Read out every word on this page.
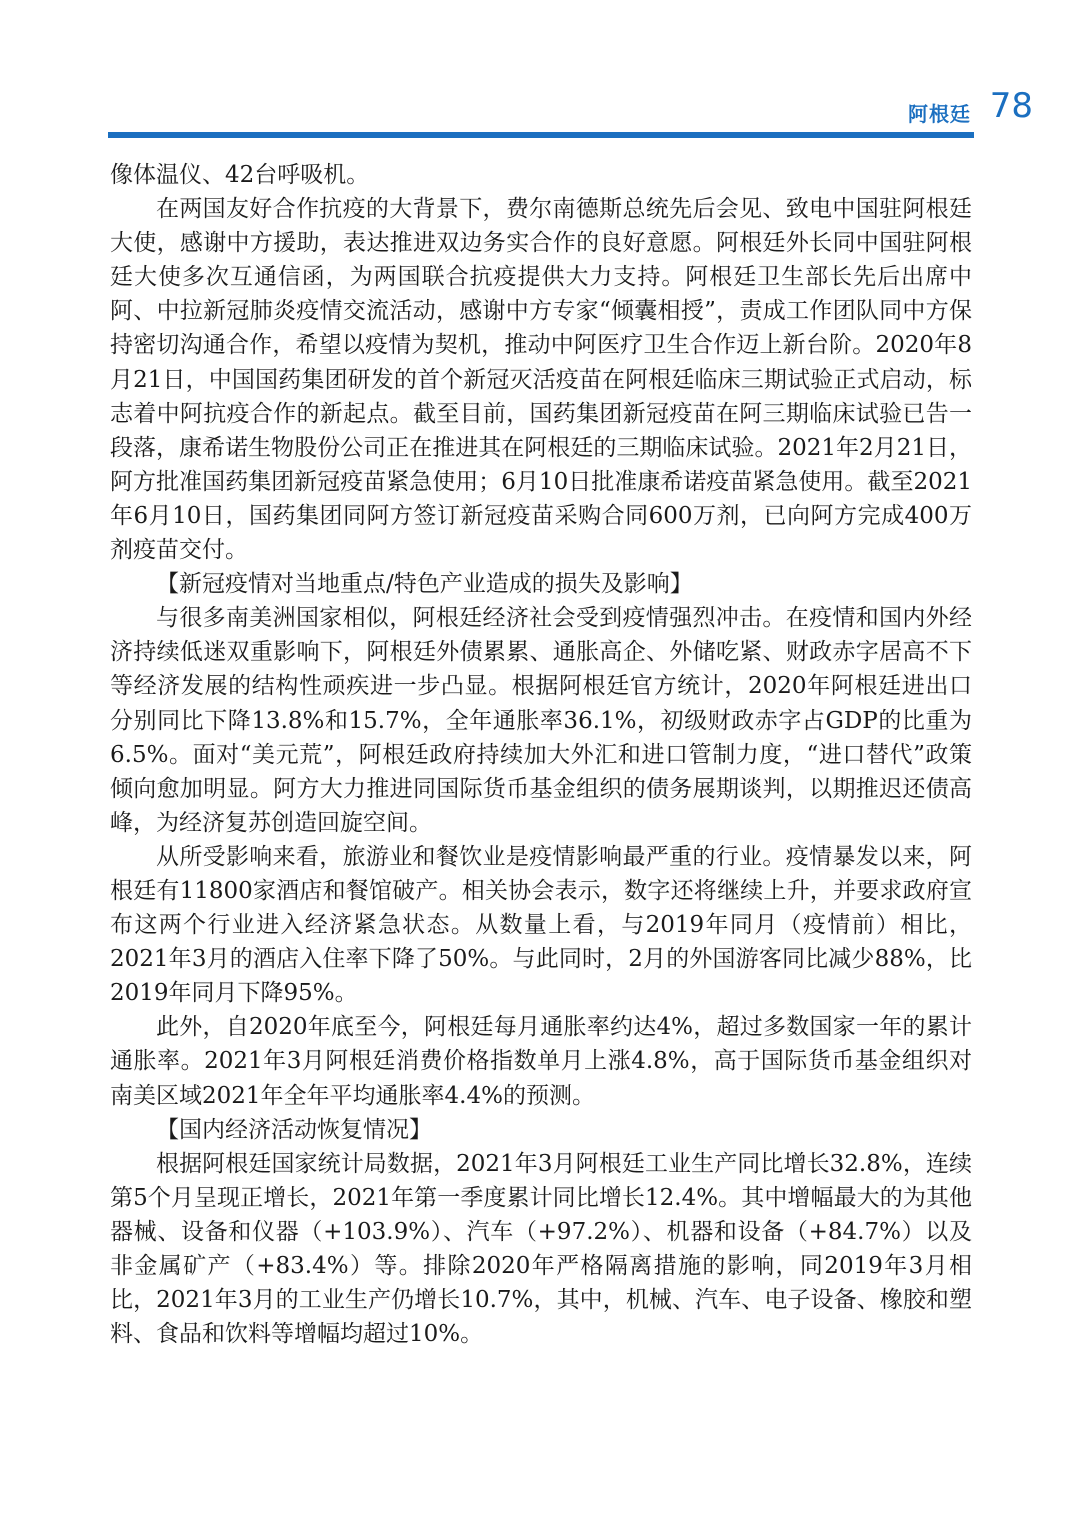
阿根廷 78

像体温仪、42台呼吸机。

在两国友好合作抗疫的大背景下，费尔南德斯总统先后会见、致电中国驻阿根廷大使，感谢中方援助，表达推进双边务实合作的良好意愿。阿根廷外长同中国驻阿根廷大使多次互通信函，为两国联合抗疫提供大力支持。阿根廷卫生部长先后出席中阿、中拉新冠肺炎疫情交流活动，感谢中方专家“倾囊相授”，责成工作团队同中方保持密切沟通合作，希望以疫情为契机，推动中阿医疗卫生合作迈上新台阶。2020年8月21日，中国国药集团研发的首个新冠灭活疫苗在阿根廷临床三期试验正式启动，标志着中阿抗疫合作的新起点。截至目前，国药集团新冠疫苗在阿三期临床试验已告一段落，康希诺生物股份公司正在推进其在阿根廷的三期临床试验。2021年2月21日，阿方批准国药集团新冠疫苗紧急使用；6月10日批准康希诺疫苗紧急使用。截至2021年6月10日，国药集团同阿方签订新冠疫苗采购合同600万剂，已向阿方完成400万剂疫苗交付。

【新冠疫情对当地重点/特色产业造成的损失及影响】

与很多南美洲国家相似，阿根廷经济社会受到疫情强烈冲击。在疫情和国内外经济持续低迷双重影响下，阿根廷外债累累、通胀高企、外储吃紧、财政赤字居高不下等经济发展的结构性顽疾进一步凸显。根据阿根廷官方统计，2020年阿根廷进出口分别同比下降13.8%和15.7%，全年通胀率36.1%，初级财政赤字占GDP的比重为6.5%。面对“美元荒”，阿根廷政府持续加大外汇和进口管制力度，“进口替代”政策倾向愈加明显。阿方大力推进同国际货币基金组织的债务展期谈判，以期推迟还债高峰，为经济复苏创造回旋空间。

从所受影响来看，旅游业和餐饮业是疫情影响最严重的行业。疫情暴发以来，阿根廷有11800家酒店和餐馆破产。相关协会表示，数字还将继续上升，并要求政府宣布这两个行业进入经济紧急状态。从数量上看，与2019年同月（疫情前）相比，2021年3月的酒店入住率下降了50%。与此同时，2月的外国游客同比减少88%，比2019年同月下降95%。

此外，自2020年底至今，阿根廷每月通胀率约达4%，超过多数国家一年的累计通胀率。2021年3月阿根廷消费价格指数单月上涨4.8%，高于国际货币基金组织对南美区域2021年全年平均通胀率4.4%的预测。

【国内经济活动恢复情况】

根据阿根廷国家统计局数据，2021年3月阿根廷工业生产同比增长32.8%，连续第5个月呈现正增长，2021年第一季度累计同比增长12.4%。其中增幅最大的为其他器械、设备和仪器（+103.9%）、汽车（+97.2%）、机器和设备（+84.7%）以及非金属矿产（+83.4%）等。排除2020年严格隔离措施的影响，同2019年3月相比，2021年3月的工业生产仍增长10.7%，其中，机械、汽车、电子设备、橡胶和塑料、食品和饮料等增幅均超过10%。
